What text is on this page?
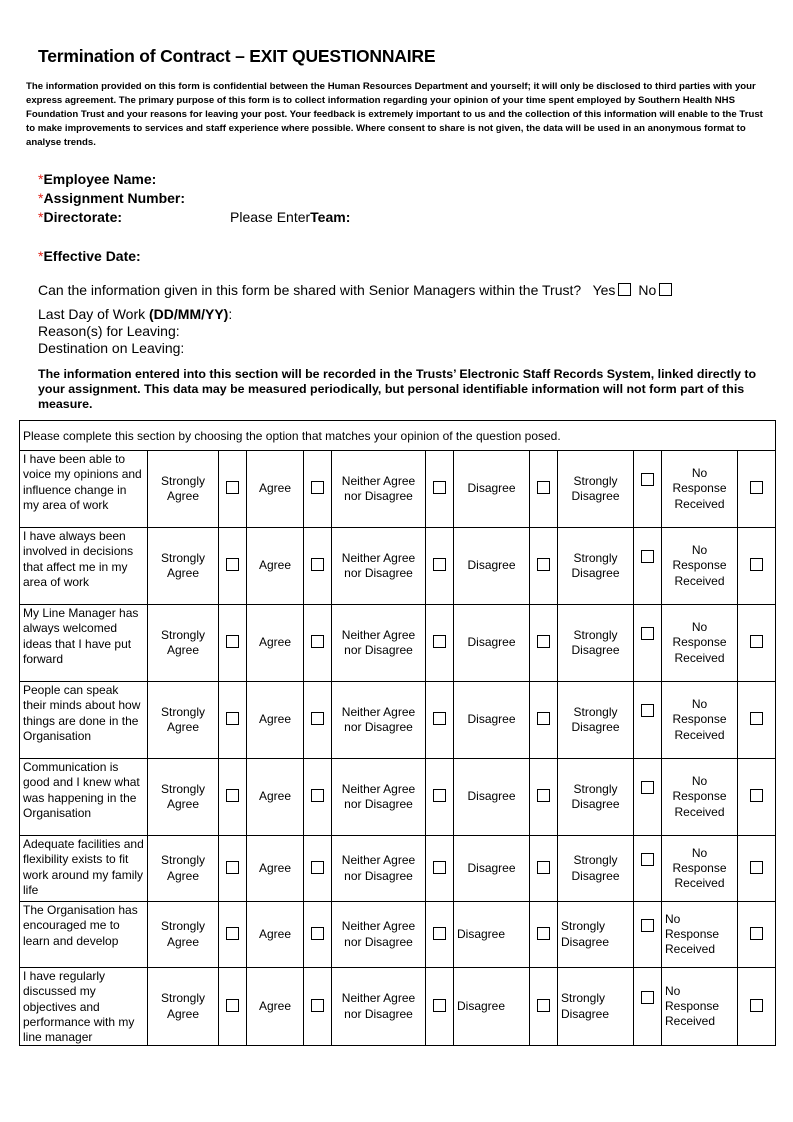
Termination of Contract – EXIT QUESTIONNAIRE
The information provided on this form is confidential between the Human Resources Department and yourself; it will only be disclosed to third parties with your express agreement. The primary purpose of this form is to collect information regarding your opinion of your time spent employed by Southern Health NHS Foundation Trust and your reasons for leaving your post. Your feedback is extremely important to us and the collection of this information will enable to the Trust to make improvements to services and staff experience where possible. Where consent to share is not given, the data will be used in an anonymous format to analyse trends.
*Employee Name:
*Assignment Number:
*Directorate:	Please EnterTeam:
*Effective Date:
Can the information given in this form be shared with Senior Managers within the Trust? Yes No
Last Day of Work (DD/MM/YY):
Reason(s) for Leaving:
Destination on Leaving:
The information entered into this section will be recorded in the Trusts’ Electronic Staff Records System, linked directly to your assignment. This data may be measured periodically, but personal identifiable information will not form part of this measure.
Please complete this section by choosing the option that matches your opinion of the question posed.												
I have been able to voice my opinions and influence change in my area of work	Strongly Agree		Agree		Neither Agree nor Disagree		Disagree		Strongly Disagree		No Response Received	
I have always been involved in decisions that affect me in my area of work	Strongly Agree		Agree		Neither Agree nor Disagree		Disagree		Strongly Disagree		No Response Received	
My Line Manager has always welcomed ideas that I have put forward	Strongly Agree		Agree		Neither Agree nor Disagree		Disagree		Strongly Disagree		No Response Received	
People can speak their minds about how things are done in the Organisation	Strongly Agree		Agree		Neither Agree nor Disagree		Disagree		Strongly Disagree		No Response Received	
Communication is good and I knew what was happening in the Organisation	Strongly Agree		Agree		Neither Agree nor Disagree		Disagree		Strongly Disagree		No Response Received	
Adequate facilities and flexibility exists to fit work around my family life	Strongly Agree		Agree		Neither Agree nor Disagree		Disagree		Strongly Disagree		No Response Received	
The Organisation has encouraged me to learn and develop	Strongly Agree		Agree		Neither Agree nor Disagree		Disagree		Strongly Disagree		No Response Received	
I have regularly discussed my objectives and performance with my line manager	Strongly Agree		Agree		Neither Agree nor Disagree		Disagree		Strongly Disagree		No Response Received	
